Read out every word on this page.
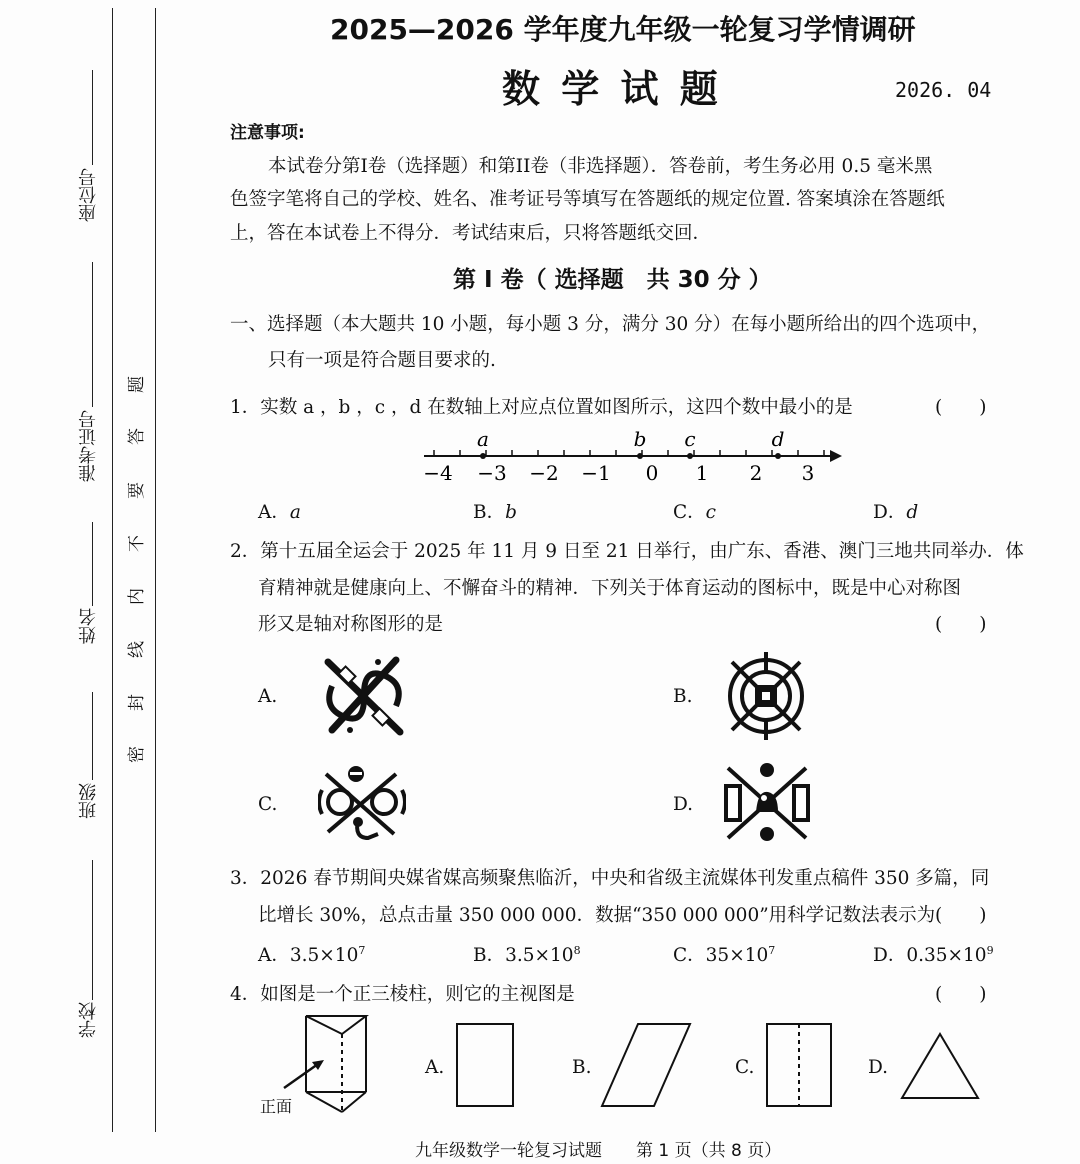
座位号
准考证号
姓名
班级
学校
题
答
要
不
内
线
封
密
2025—2026 学年度九年级一轮复习学情调研
数 学 试 题	2026. 04
注意事项:
本试卷分第I卷（选择题）和第II卷（非选择题）．答卷前，考生务必用 0.5 毫米黑
色签字笔将自己的学校、姓名、准考证号等填写在答题纸的规定位置. 答案填涂在答题纸
上，答在本试卷上不得分．考试结束后，只将答题纸交回．
第 I 卷（ 选择题　共 30 分 ）
一、选择题（本大题共 10 小题，每小题 3 分，满分 30 分）在每小题所给出的四个选项中，
只有一项是符合题目要求的.
1．实数 a ，b ，c ，d 在数轴上对应点位置如图所示，这四个数中最小的是	(　　)
−4 −3 −2 −1 0 1 2 3
a	b c	d
A．a	B．b	C．c	D．d
2．第十五届全运会于 2025 年 11 月 9 日至 21 日举行，由广东、香港、澳门三地共同举办．体
育精神就是健康向上、不懈奋斗的精神．下列关于体育运动的图标中，既是中心对称图
形又是轴对称图形的是	(　　)
A.	B.
C.	D.
3．2026 春节期间央媒省媒高频聚焦临沂，中央和省级主流媒体刊发重点稿件 350 多篇，同
比增长 30%，总点击量 350 000 000．数据“350 000 000”用科学记数法表示为 (　　)
A．$3.5\times 10^7$	B．$3.5\times 10^8$	C．$35\times 10^7$	D．$0.35\times 10^9$
4．如图是一个正三棱柱，则它的主视图是	(　　)
正面
A.	B.	C.	D.
九年级数学一轮复习试题　　第 1 页（共 8 页）
